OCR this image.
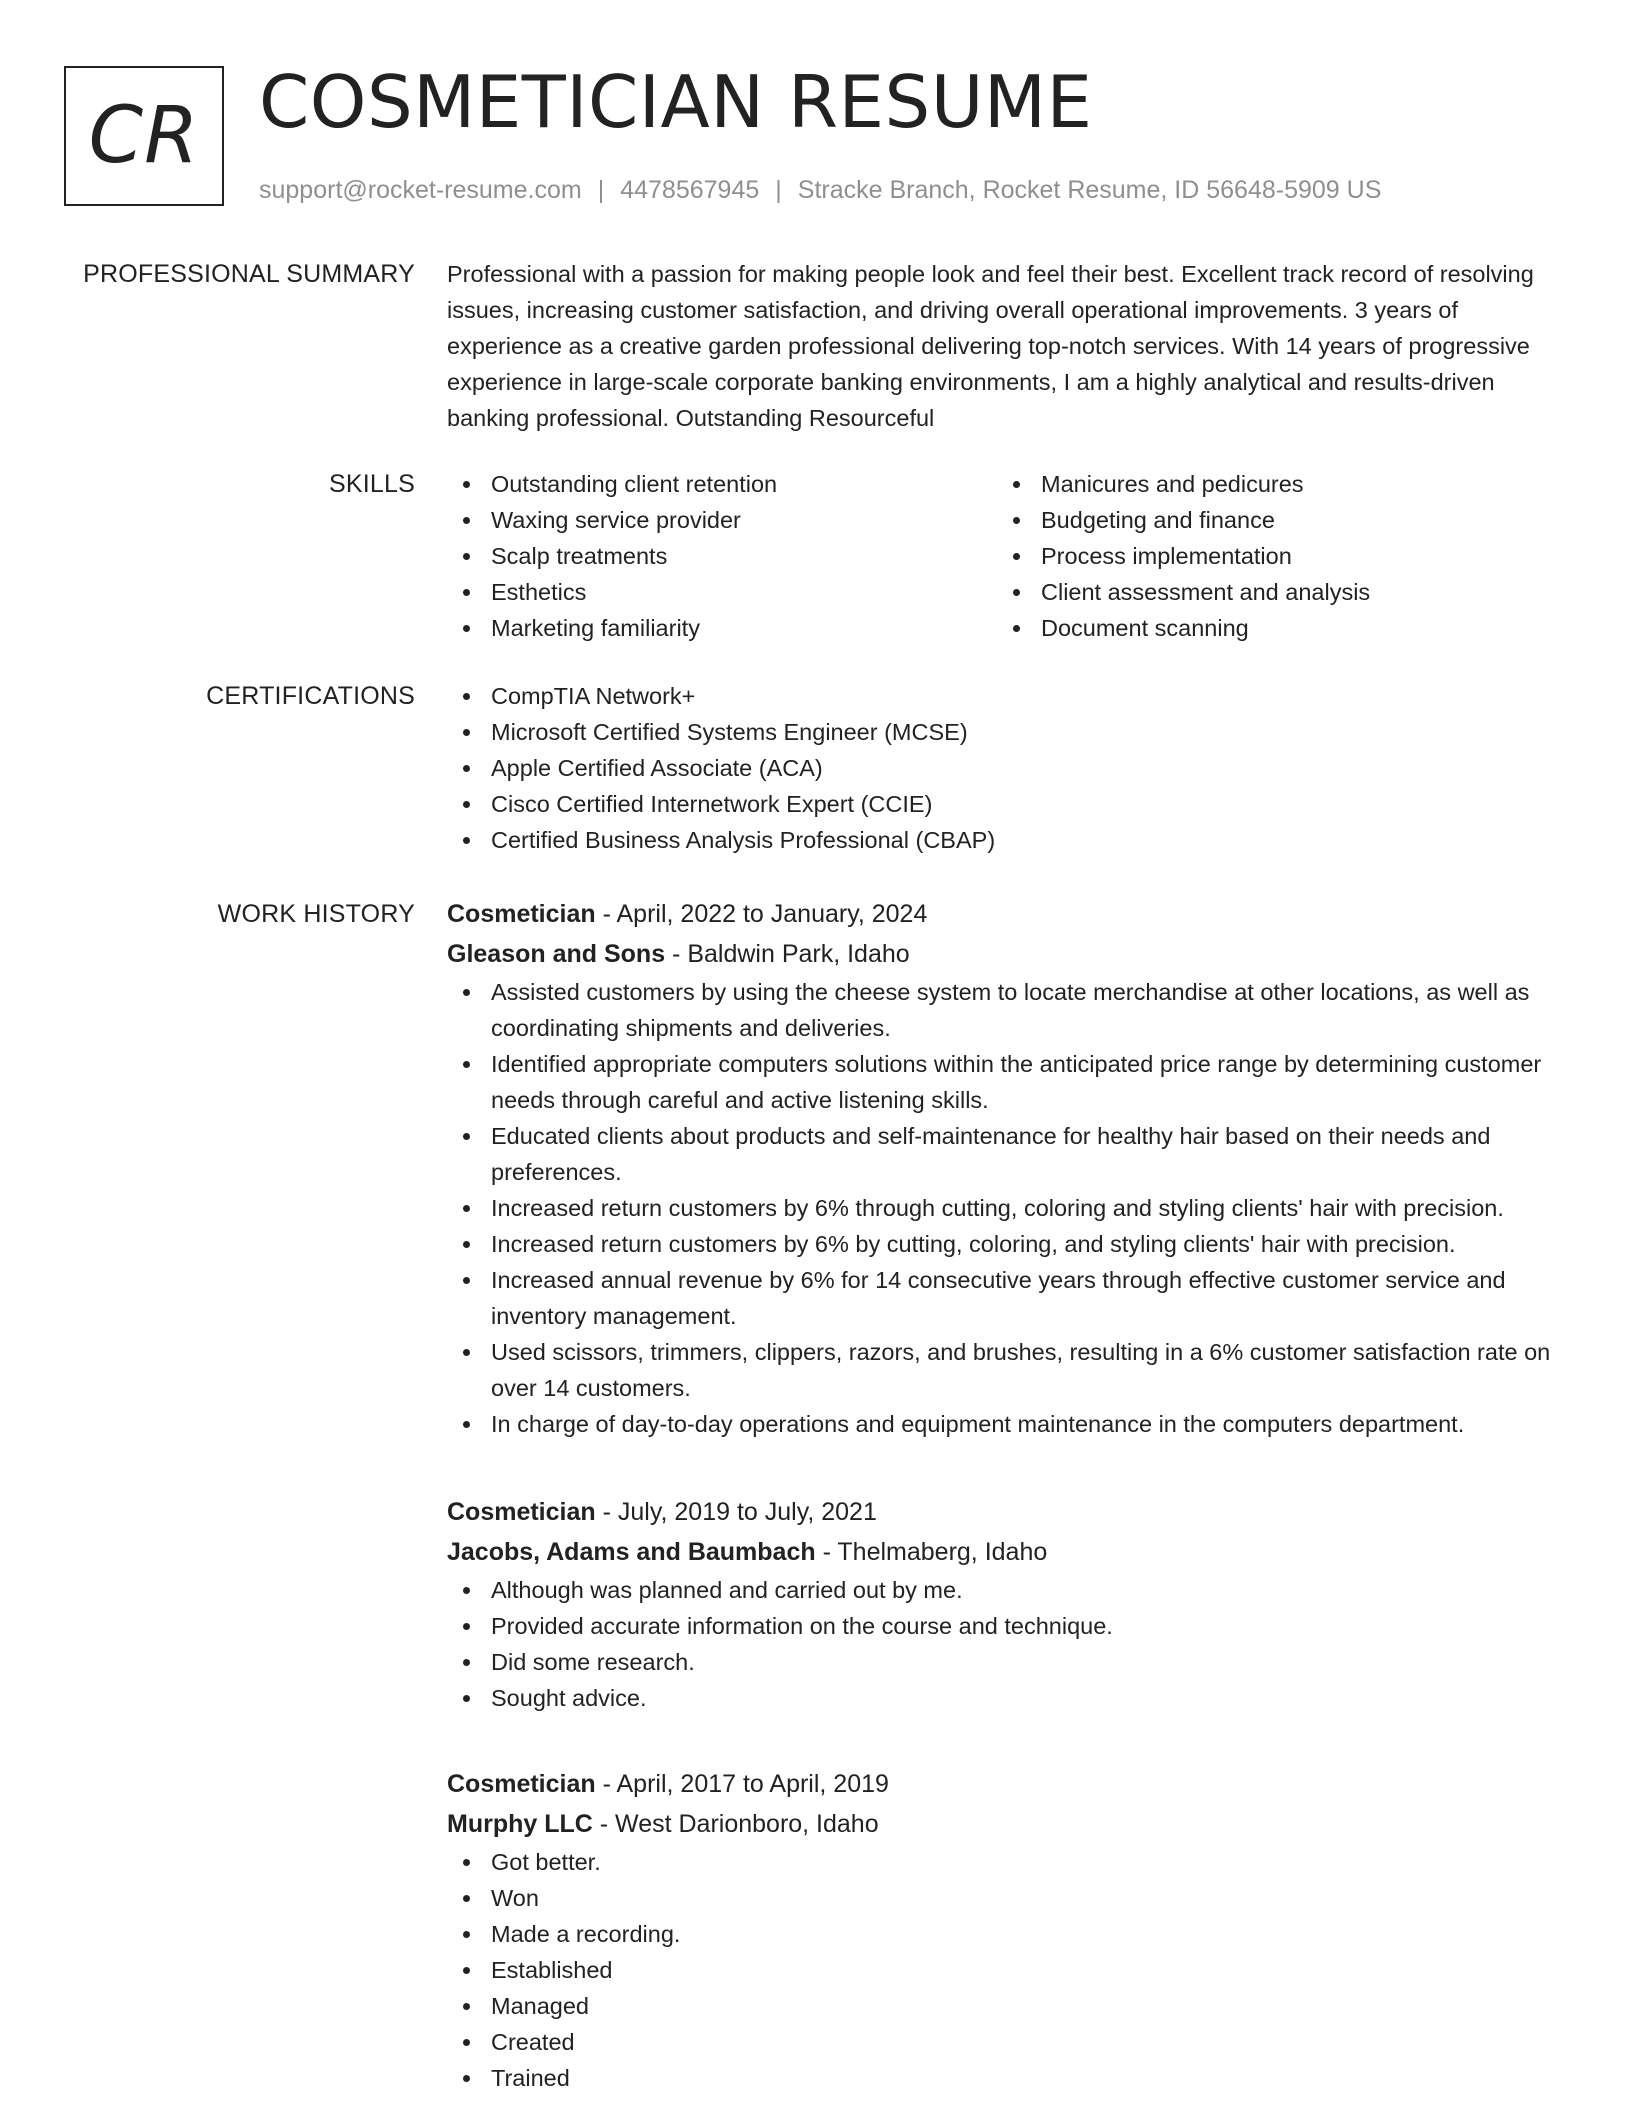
CR COSMETICIAN RESUME
support@rocket-resume.com | 4478567945 | Stracke Branch, Rocket Resume, ID 56648-5909 US
PROFESSIONAL SUMMARY Professional with a passion for making people look and feel their best. Excellent track record of resolving issues, increasing customer satisfaction, and driving overall operational improvements. 3 years of experience as a creative garden professional delivering top-notch services. With 14 years of progressive experience in large-scale corporate banking environments, I am a highly analytical and results-driven banking professional. Outstanding Resourceful

SKILLS	Outstanding client retention
Waxing service provider
Scalp treatments
Esthetics
Marketing familiarity
Manicures and pedicures
Budgeting and finance
Process implementation
Client assessment and analysis
Document scanning
CERTIFICATIONS	CompTIA Network+
Microsoft Certified Systems Engineer (MCSE)
Apple Certified Associate (ACA)
Cisco Certified Internetwork Expert (CCIE)
Certified Business Analysis Professional (CBAP)
WORK HISTORY Cosmetician - April, 2022 to January, 2024
Gleason and Sons - Baldwin Park, Idaho
Assisted customers by using the cheese system to locate merchandise at other locations, as well as coordinating shipments and deliveries.
Identified appropriate computers solutions within the anticipated price range by determining customer needs through careful and active listening skills.
Educated clients about products and self-maintenance for healthy hair based on their needs and preferences.
Increased return customers by 6% through cutting, coloring and styling clients' hair with precision.
Increased return customers by 6% by cutting, coloring, and styling clients' hair with precision.
Increased annual revenue by 6% for 14 consecutive years through effective customer service and inventory management.
Used scissors, trimmers, clippers, razors, and brushes, resulting in a 6% customer satisfaction rate on over 14 customers.
In charge of day-to-day operations and equipment maintenance in the computers department.
Cosmetician - July, 2019 to July, 2021
Jacobs, Adams and Baumbach - Thelmaberg, Idaho
Although was planned and carried out by me.
Provided accurate information on the course and technique.
Did some research.
Sought advice.
Cosmetician - April, 2017 to April, 2019
Murphy LLC - West Darionboro, Idaho
Got better.
Won
Made a recording.
Established
Managed
Created
Trained
